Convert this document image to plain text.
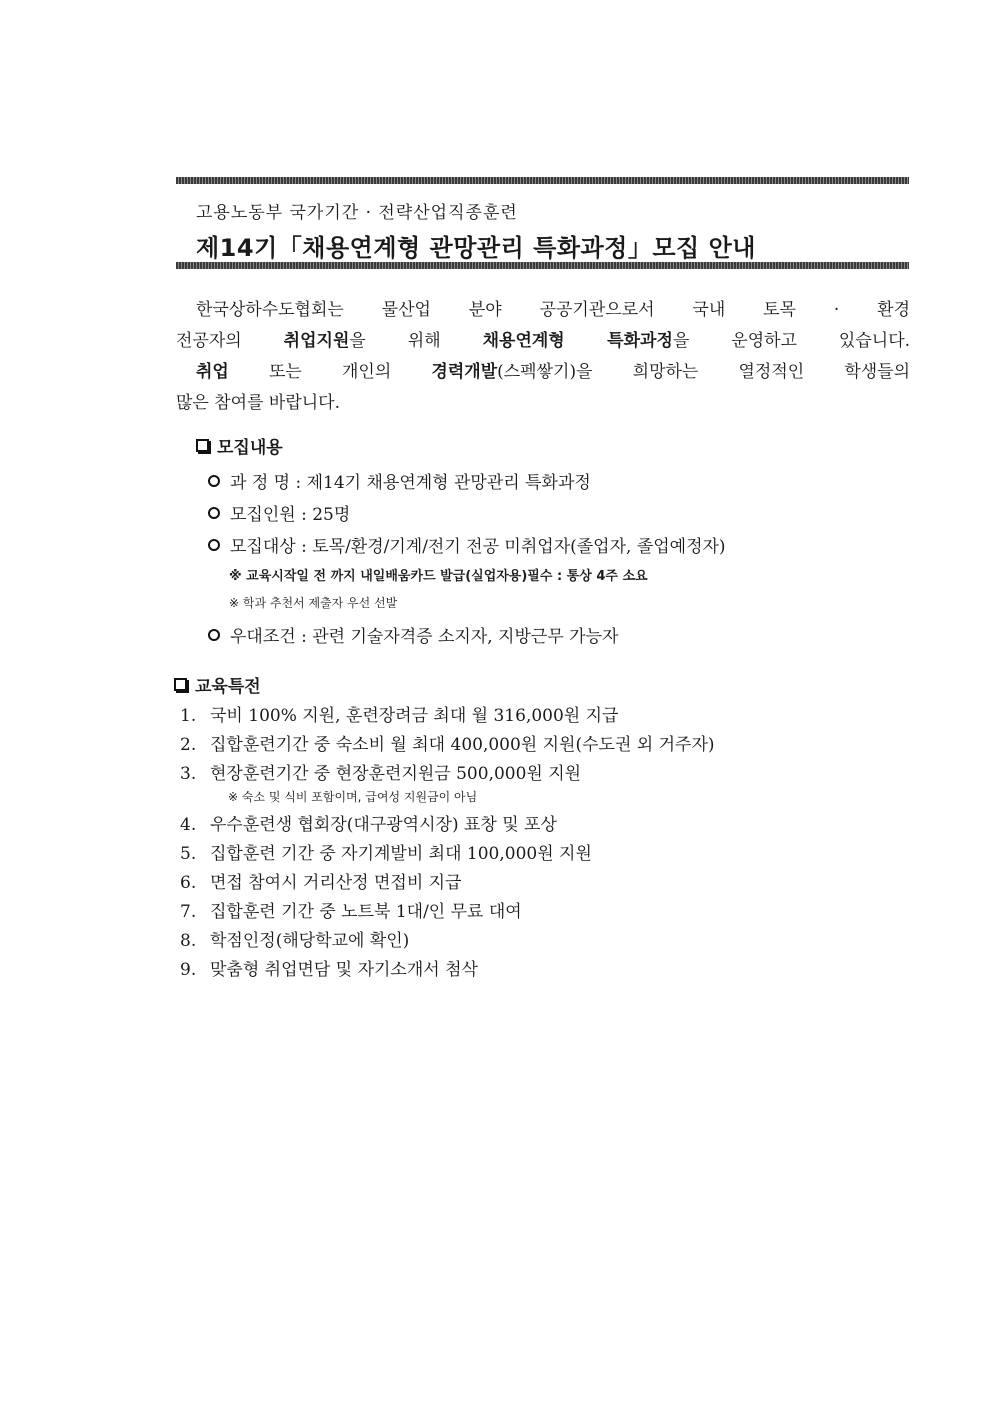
고용노동부 국가기간 · 전략산업직종훈련
제14기「채용연계형 관망관리 특화과정」모집 안내

한국상하수도협회는 물산업 분야 공공기관으로서 국내 토목 · 환경

전공자의 취업지원을 위해 채용연계형 특화과정을 운영하고 있습니다.

취업 또는 개인의 경력개발(스펙쌓기)을 희망하는 열정적인 학생들의

많은 참여를 바랍니다.

모집내용
과 정 명 : 제14기 채용연계형 관망관리 특화과정
모집인원 : 25명
모집대상 : 토목/환경/기계/전기 전공 미취업자(졸업자, 졸업예정자)
※ 교육시작일 전 까지 내일배움카드 발급(실업자용)필수 : 통상 4주 소요
※ 학과 추천서 제출자 우선 선발
우대조건 : 관련 기술자격증 소지자, 지방근무 가능자
교육특전
1. 국비 100% 지원, 훈련장려금 최대 월 316,000원 지급
2. 집합훈련기간 중 숙소비 월 최대 400,000원 지원(수도권 외 거주자)
3. 현장훈련기간 중 현장훈련지원금 500,000원 지원
※ 숙소 및 식비 포함이며, 급여성 지원금이 아님
4. 우수훈련생 협회장(대구광역시장) 표창 및 포상
5. 집합훈련 기간 중 자기계발비 최대 100,000원 지원
6. 면접 참여시 거리산정 면접비 지급
7. 집합훈련 기간 중 노트북 1대/인 무료 대여
8. 학점인정(해당학교에 확인)
9. 맞춤형 취업면담 및 자기소개서 첨삭
